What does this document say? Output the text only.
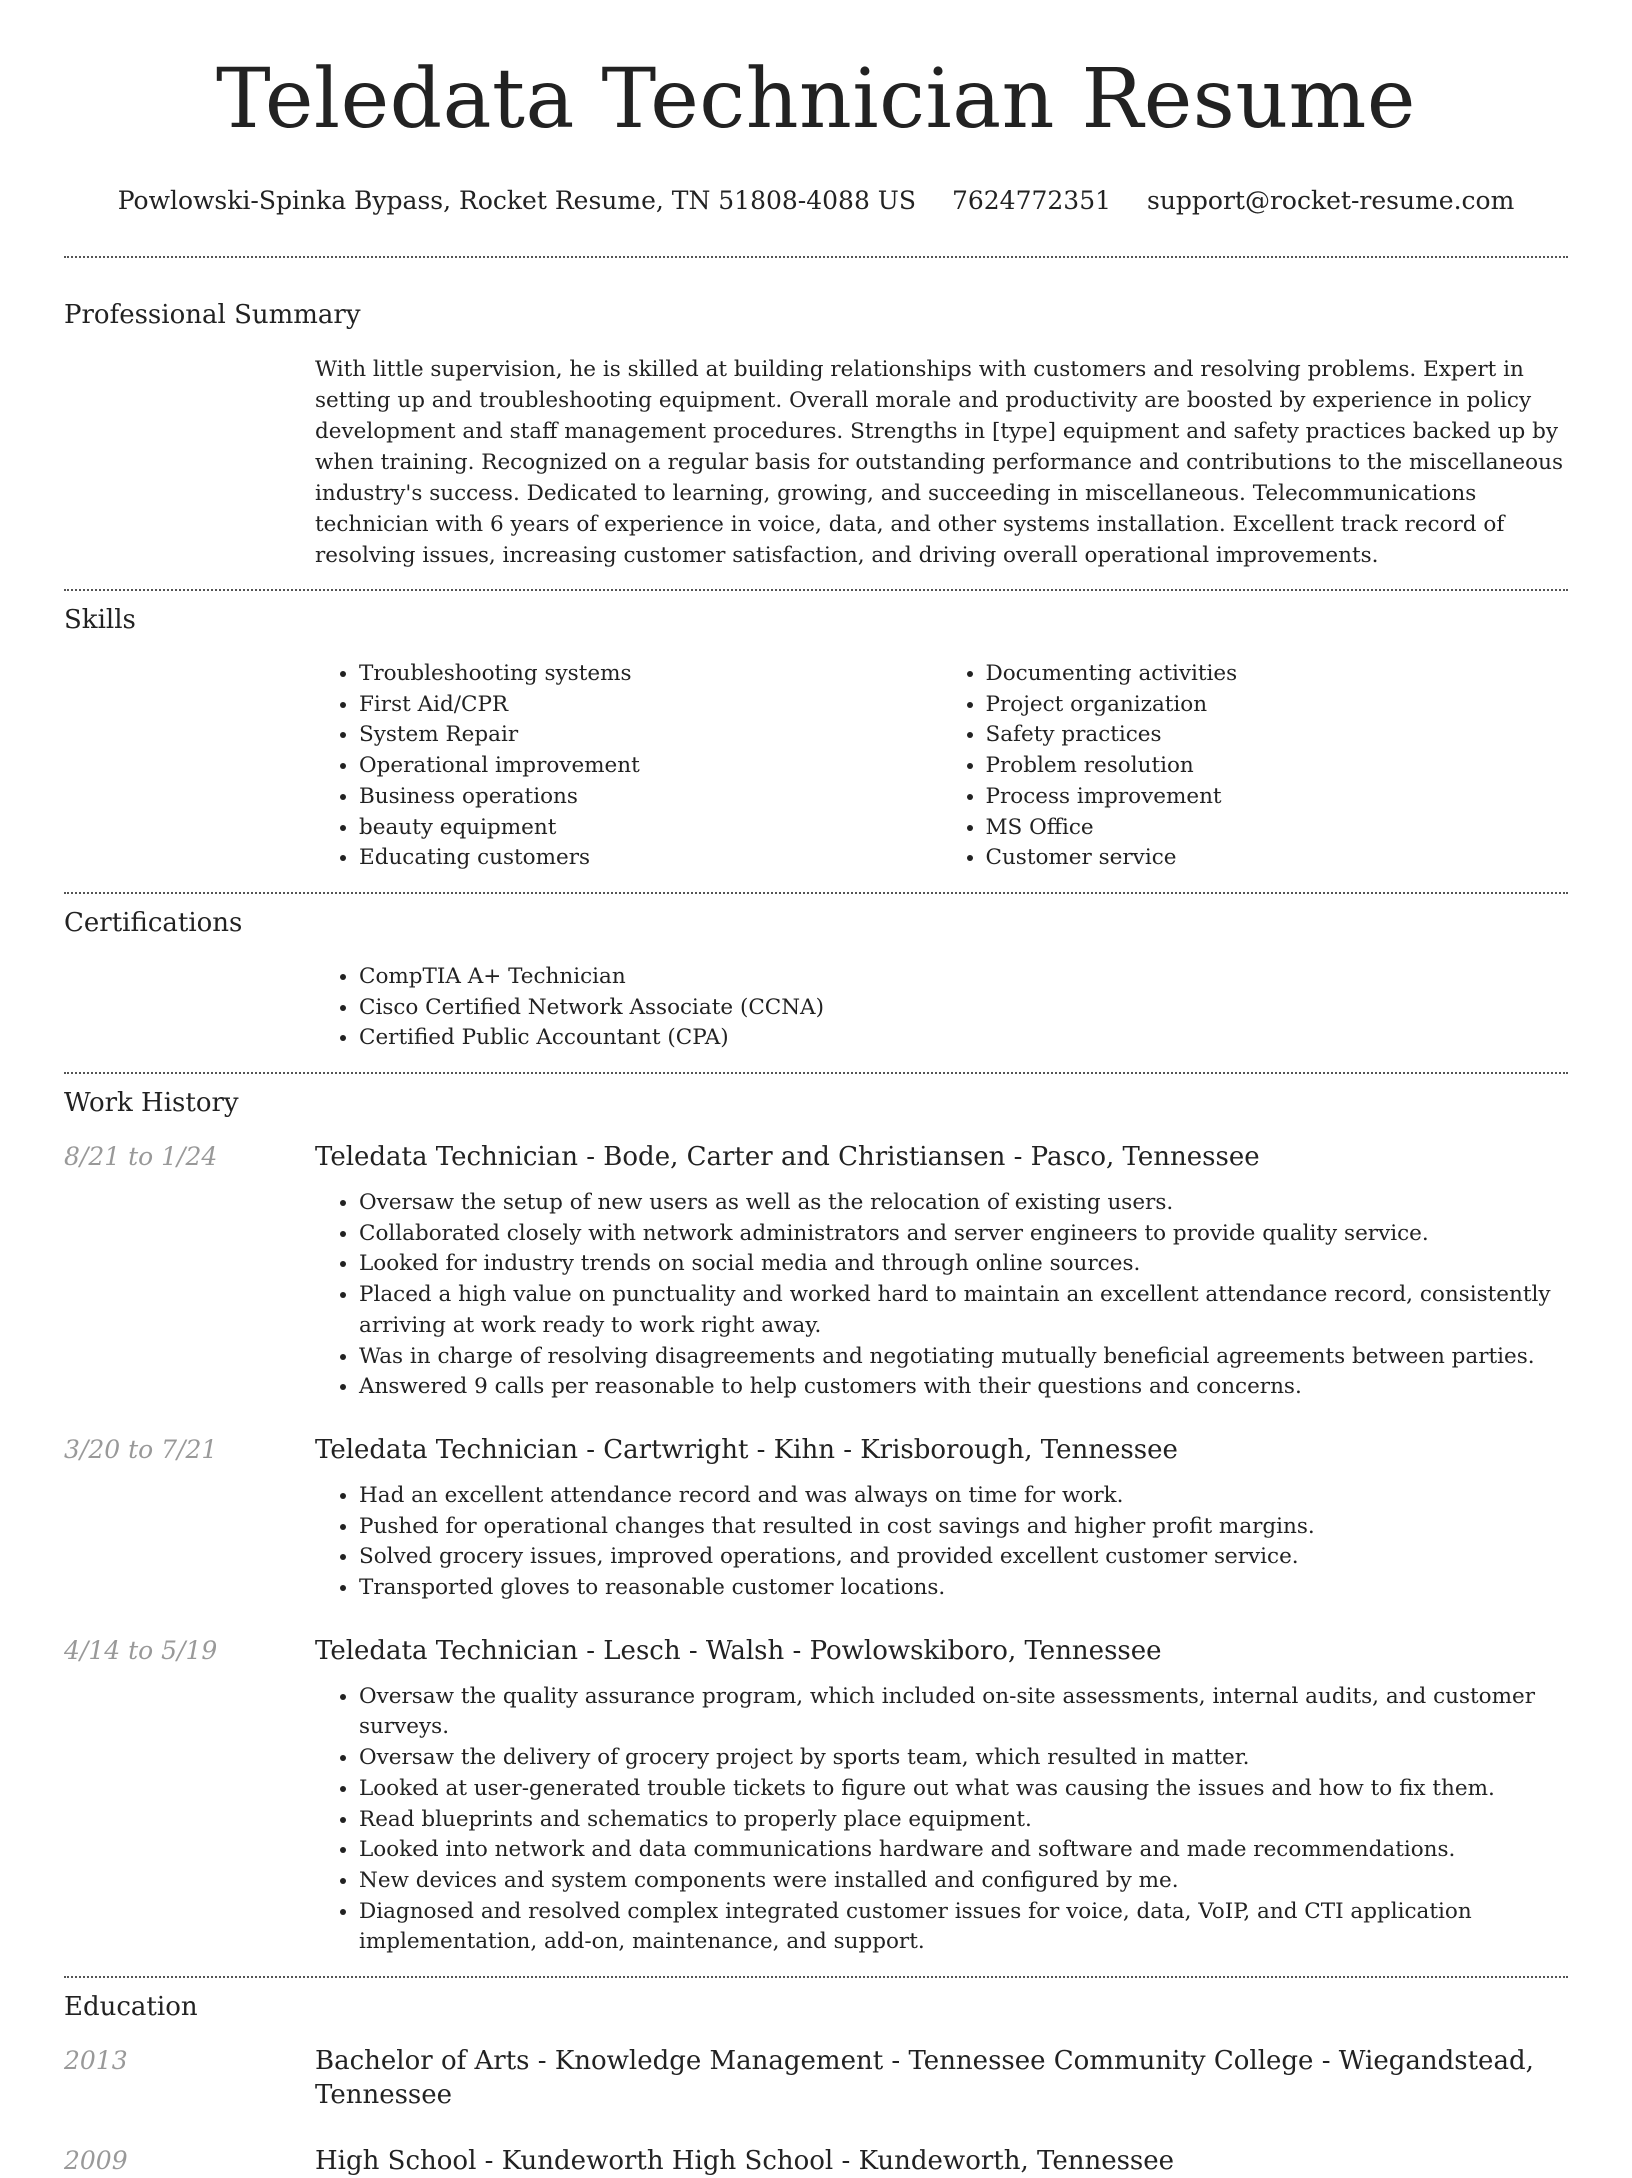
Teledata Technician Resume
Powlowski-Spinka Bypass, Rocket Resume, TN 51808-4088 US 7624772351 support@rocket-resume.com
Professional Summary

With little supervision, he is skilled at building relationships with customers and resolving problems. Expert in setting up and troubleshooting equipment. Overall morale and productivity are boosted by experience in policy development and staff management procedures. Strengths in [type] equipment and safety practices backed up by when training. Recognized on a regular basis for outstanding performance and contributions to the miscellaneous industry's success. Dedicated to learning, growing, and succeeding in miscellaneous. Telecommunications technician with 6 years of experience in voice, data, and other systems installation. Excellent track record of resolving issues, increasing customer satisfaction, and driving overall operational improvements.

Skills
• Troubleshooting systems
• First Aid/CPR
• System Repair
• Operational improvement
• Business operations
• beauty equipment
• Educating customers
• Documenting activities
• Project organization
• Safety practices
• Problem resolution
• Process improvement
• MS Office
• Customer service
Certifications
• CompTIA A+ Technician
• Cisco Certified Network Associate (CCNA)
• Certified Public Accountant (CPA)
Work History
8/21 to 1/24	Teledata Technician - Bode, Carter and Christiansen - Pasco, Tennessee
• Oversaw the setup of new users as well as the relocation of existing users.
• Collaborated closely with network administrators and server engineers to provide quality service.
• Looked for industry trends on social media and through online sources.
• Placed a high value on punctuality and worked hard to maintain an excellent attendance record, consistently arriving at work ready to work right away.
• Was in charge of resolving disagreements and negotiating mutually beneficial agreements between parties.
• Answered 9 calls per reasonable to help customers with their questions and concerns.
3/20 to 7/21	Teledata Technician - Cartwright - Kihn - Krisborough, Tennessee
• Had an excellent attendance record and was always on time for work.
• Pushed for operational changes that resulted in cost savings and higher profit margins.
• Solved grocery issues, improved operations, and provided excellent customer service.
• Transported gloves to reasonable customer locations.
4/14 to 5/19	Teledata Technician - Lesch - Walsh - Powlowskiboro, Tennessee
• Oversaw the quality assurance program, which included on-site assessments, internal audits, and customer surveys.
• Oversaw the delivery of grocery project by sports team, which resulted in matter.
• Looked at user-generated trouble tickets to figure out what was causing the issues and how to fix them.
• Read blueprints and schematics to properly place equipment.
• Looked into network and data communications hardware and software and made recommendations.
• New devices and system components were installed and configured by me.
• Diagnosed and resolved complex integrated customer issues for voice, data, VoIP, and CTI application implementation, add-on, maintenance, and support.
Education
2013	Bachelor of Arts - Knowledge Management - Tennessee Community College - Wiegandstead, Tennessee
2009	High School - Kundeworth High School - Kundeworth, Tennessee
